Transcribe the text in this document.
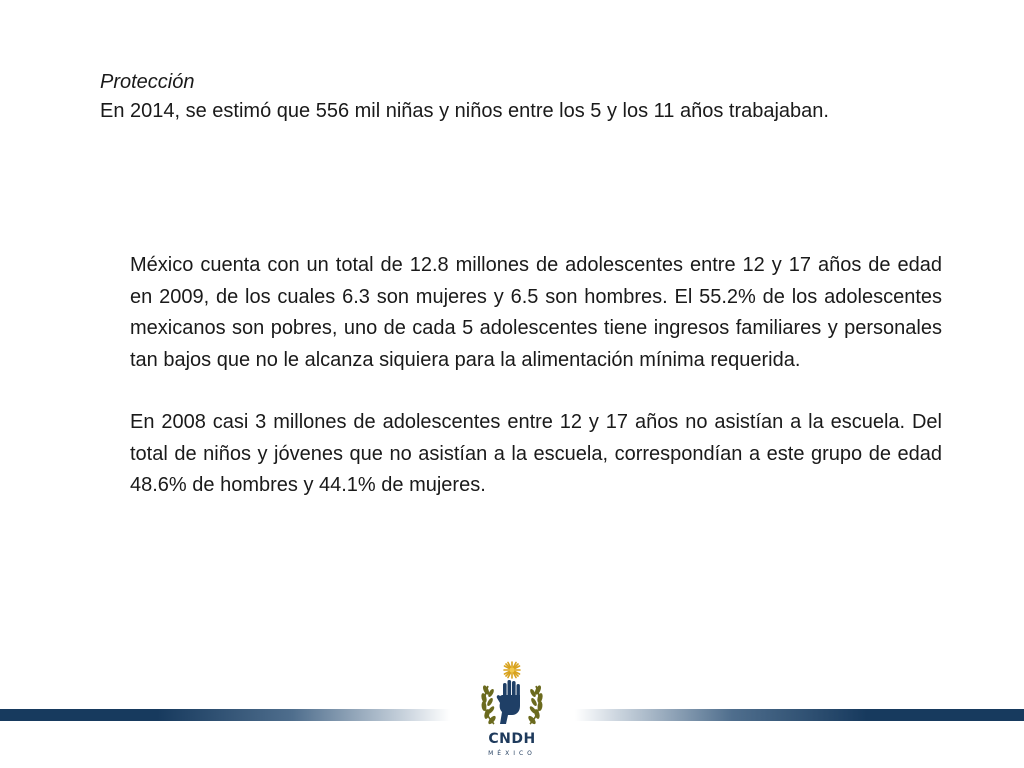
Protección
En 2014, se estimó que 556 mil niñas y niños entre los 5 y los 11 años trabajaban.

México cuenta con un total de 12.8 millones de adolescentes entre 12 y 17 años de edad en 2009, de los cuales 6.3 son mujeres y 6.5 son hombres. El 55.2% de los adolescentes mexicanos son pobres, uno de cada 5 adolescentes tiene ingresos familiares y personales tan bajos que no le alcanza siquiera para la alimentación mínima requerida.

En 2008 casi 3 millones de adolescentes entre 12 y 17 años no asistían a la escuela. Del total de niños y jóvenes que no asistían a la escuela, correspondían a este grupo de edad 48.6% de hombres y 44.1% de mujeres.

CNDH
MÉXICO
